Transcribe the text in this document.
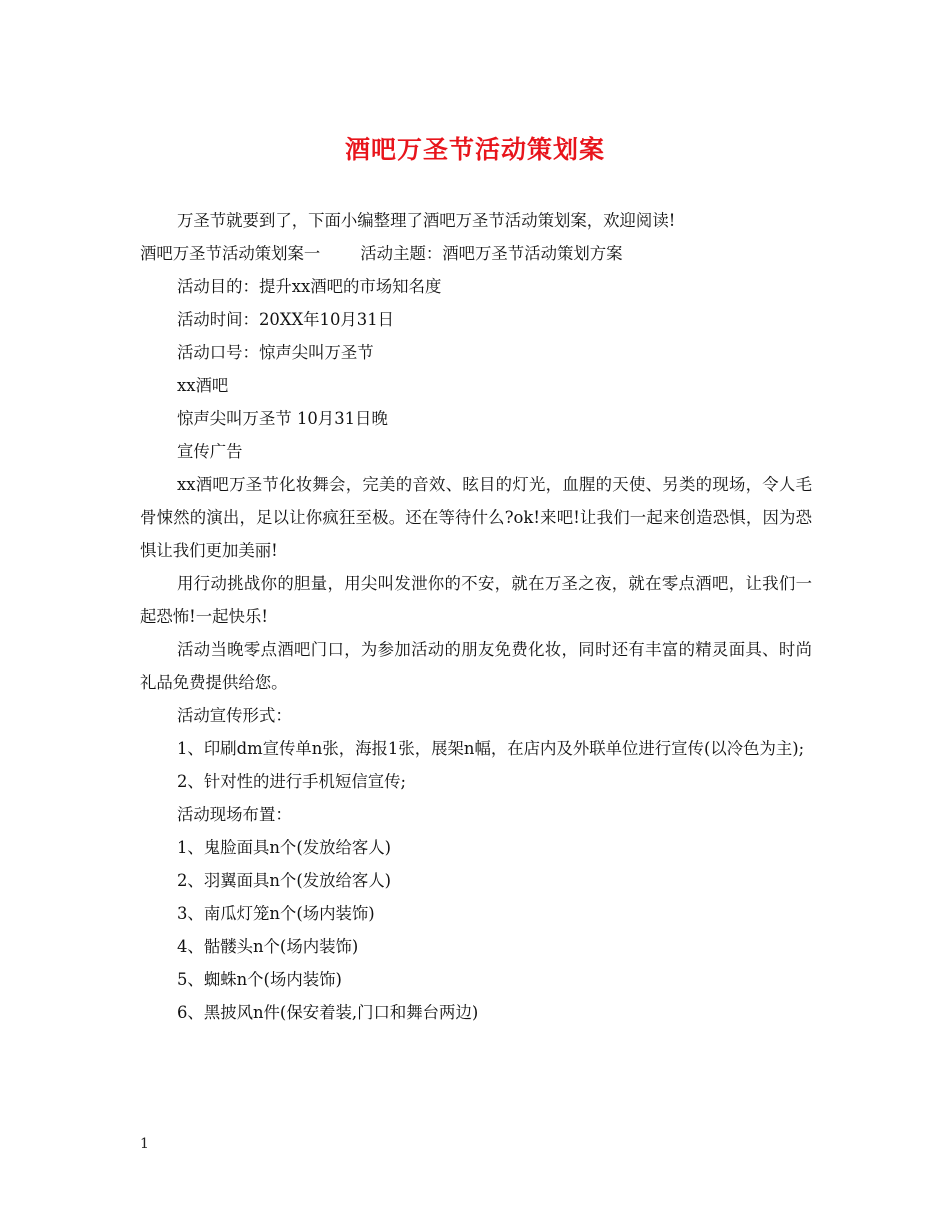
酒吧万圣节活动策划案

万圣节就要到了，下面小编整理了酒吧万圣节活动策划案，欢迎阅读!

酒吧万圣节活动策划案一 活动主题：酒吧万圣节活动策划方案

活动目的：提升xx酒吧的市场知名度

活动时间：20XX年10月31日

活动口号：惊声尖叫万圣节

xx酒吧

惊声尖叫万圣节 10月31日晚

宣传广告

xx酒吧万圣节化妆舞会，完美的音效、眩目的灯光，血腥的天使、另类的现场，令人毛骨悚然的演出，足以让你疯狂至极。还在等待什么?ok!来吧!让我们一起来创造恐惧，因为恐惧让我们更加美丽!

用行动挑战你的胆量，用尖叫发泄你的不安，就在万圣之夜，就在零点酒吧，让我们一起恐怖!一起快乐!

活动当晚零点酒吧门口，为参加活动的朋友免费化妆，同时还有丰富的精灵面具、时尚礼品免费提供给您。

活动宣传形式：

1、印刷dm宣传单n张，海报1张，展架n幅，在店内及外联单位进行宣传(以冷色为主);

2、针对性的进行手机短信宣传;

活动现场布置：

1、鬼脸面具n个(发放给客人)

2、羽翼面具n个(发放给客人)

3、南瓜灯笼n个(场内装饰)

4、骷髅头n个(场内装饰)

5、蜘蛛n个(场内装饰)

6、黑披风n件(保安着装,门口和舞台两边)

1
